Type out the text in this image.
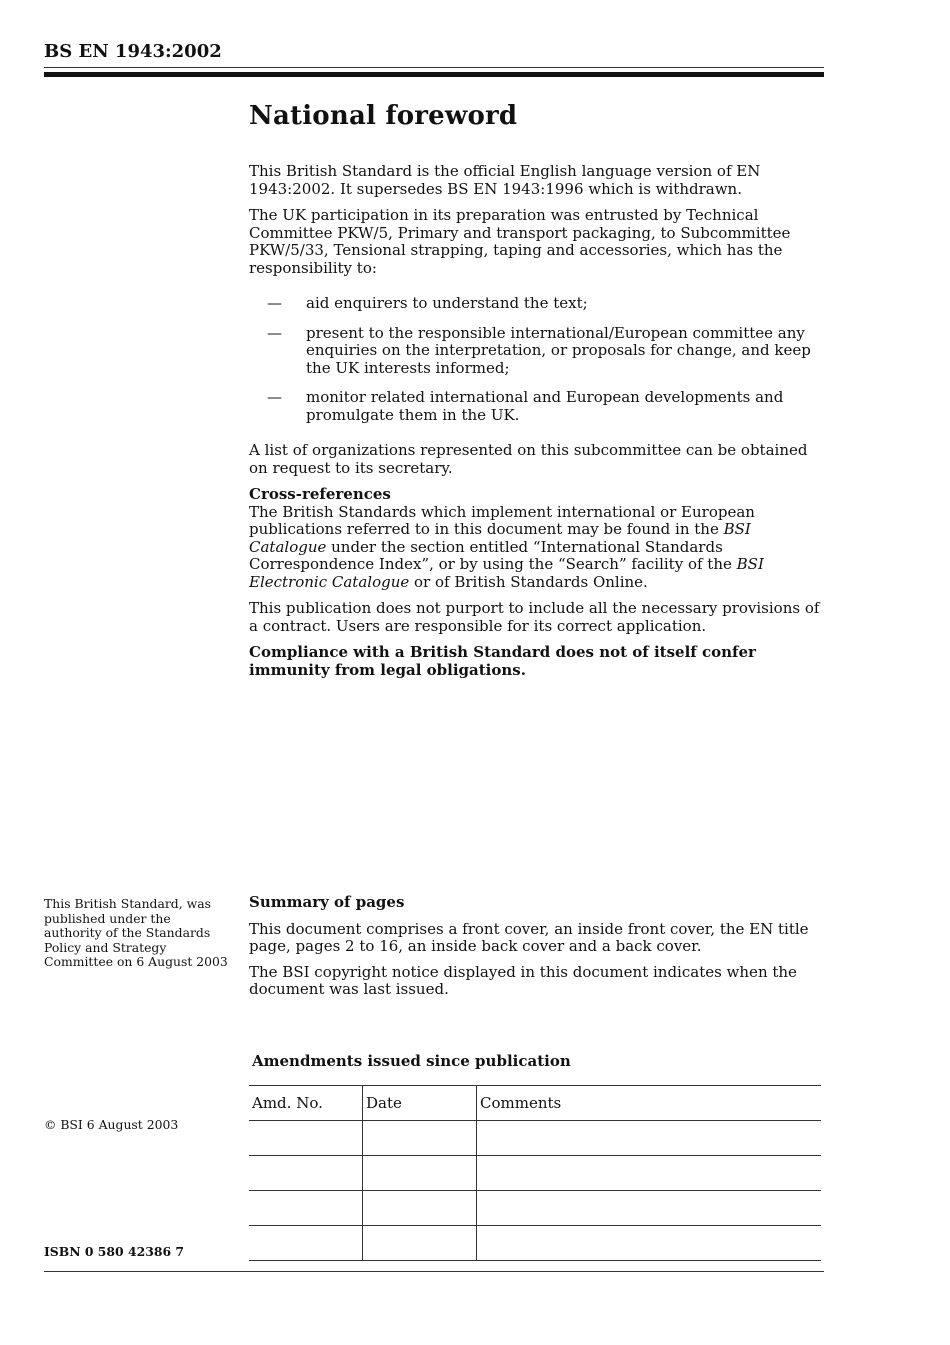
BS EN 1943:2002
National foreword

This British Standard is the official English language version of EN 1943:2002. It supersedes BS EN 1943:1996 which is withdrawn.

The UK participation in its preparation was entrusted by Technical Committee PKW/5, Primary and transport packaging, to Subcommittee PKW/5/33, Tensional strapping, taping and accessories, which has the responsibility to:

—	aid enquirers to understand the text;
—	present to the responsible international/European committee any enquiries on the interpretation, or proposals for change, and keep the UK interests informed;
—	monitor related international and European developments and promulgate them in the UK.

A list of organizations represented on this subcommittee can be obtained on request to its secretary.

Cross-references

The British Standards which implement international or European publications referred to in this document may be found in the BSI Catalogue under the section entitled “International Standards Correspondence Index”, or by using the “Search” facility of the BSI Electronic Catalogue or of British Standards Online.

This publication does not purport to include all the necessary provisions of a contract. Users are responsible for its correct application.

Compliance with a British Standard does not of itself confer immunity from legal obligations.

This British Standard, was published under the authority of the Standards Policy and Strategy Committee on 6 August 2003

Summary of pages

This document comprises a front cover, an inside front cover, the EN title page, pages 2 to 16, an inside back cover and a back cover.

The BSI copyright notice displayed in this document indicates when the document was last issued.

Amendments issued since publication
Amd. No.	Date	Comments

© BSI 6 August 2003
ISBN 0 580 42386 7
